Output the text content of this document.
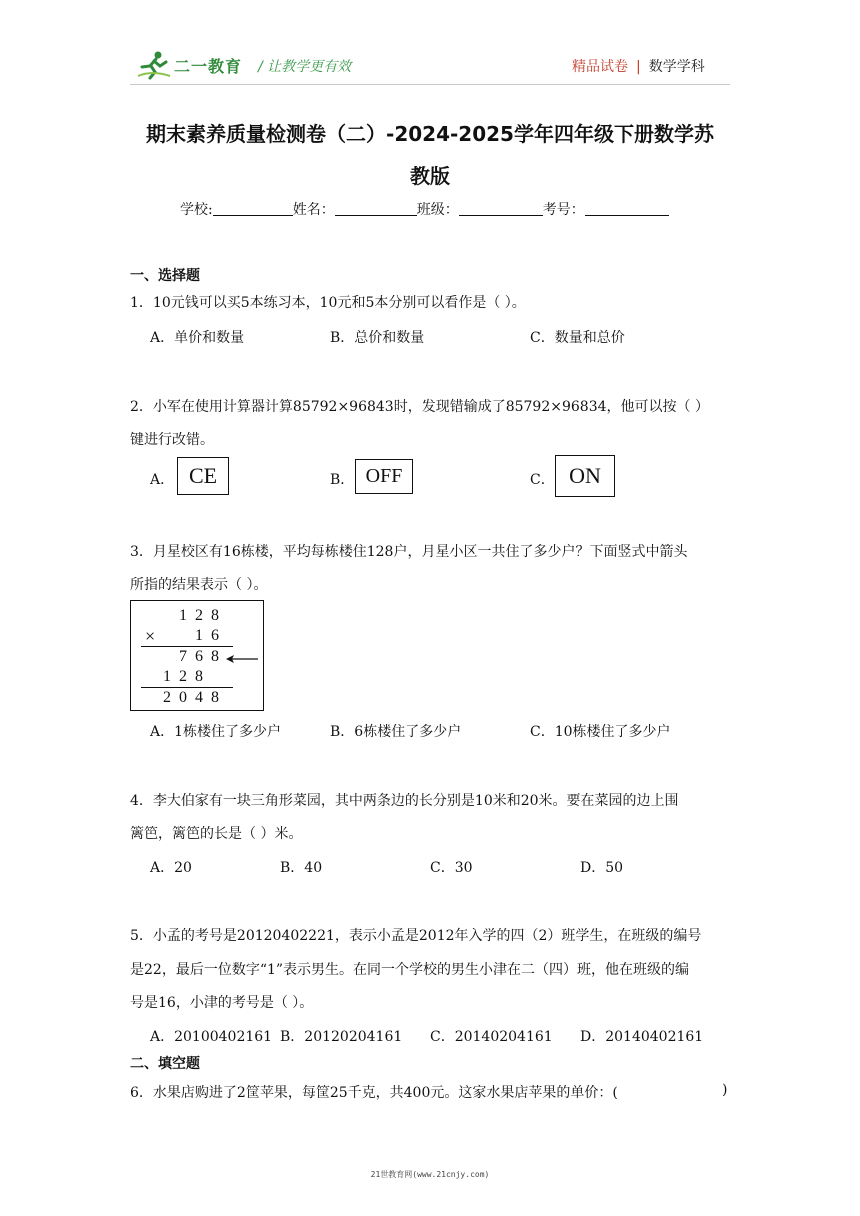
二一教育 / 让教学更有效	精品试卷 | 数学学科
期末素养质量检测卷（二）-2024-2025学年四年级下册数学苏
教版
学校:	姓名：	班级：	考号：
一、选择题
1．10元钱可以买5本练习本，10元和5本分别可以看作是（ ）。
A．单价和数量	B．总价和数量	C．数量和总价
2．小军在使用计算器计算85792×96843时，发现错输成了85792×96834，他可以按（ ）
键进行改错。
A． CE	B． OFF	C． ON
3．月星校区有16栋楼，平均每栋楼住128户，月星小区一共住了多少户？下面竖式中箭头
所指的结果表示（ ）。
1 2 8
× 1 6
7 6 8
1 2 8
2 0 4 8
A．1栋楼住了多少户	B．6栋楼住了多少户	C．10栋楼住了多少户
4．李大伯家有一块三角形菜园，其中两条边的长分别是10米和20米。要在菜园的边上围
篱笆，篱笆的长是（ ）米。
A．20	B．40	C．30	D．50
5．小孟的考号是20120402221，表示小孟是2012年入学的四（2）班学生，在班级的编号
是22，最后一位数字“1”表示男生。在同一个学校的男生小津在二（四）班，他在班级的编
号是16，小津的考号是（ ）。
A．20100402161 B．20120204161 C．20140204161 D．20140402161
二、填空题
6．水果店购进了2筐苹果，每筐25千克，共400元。这家水果店苹果的单价：(	)
21世教育网(www.21cnjy.com)
